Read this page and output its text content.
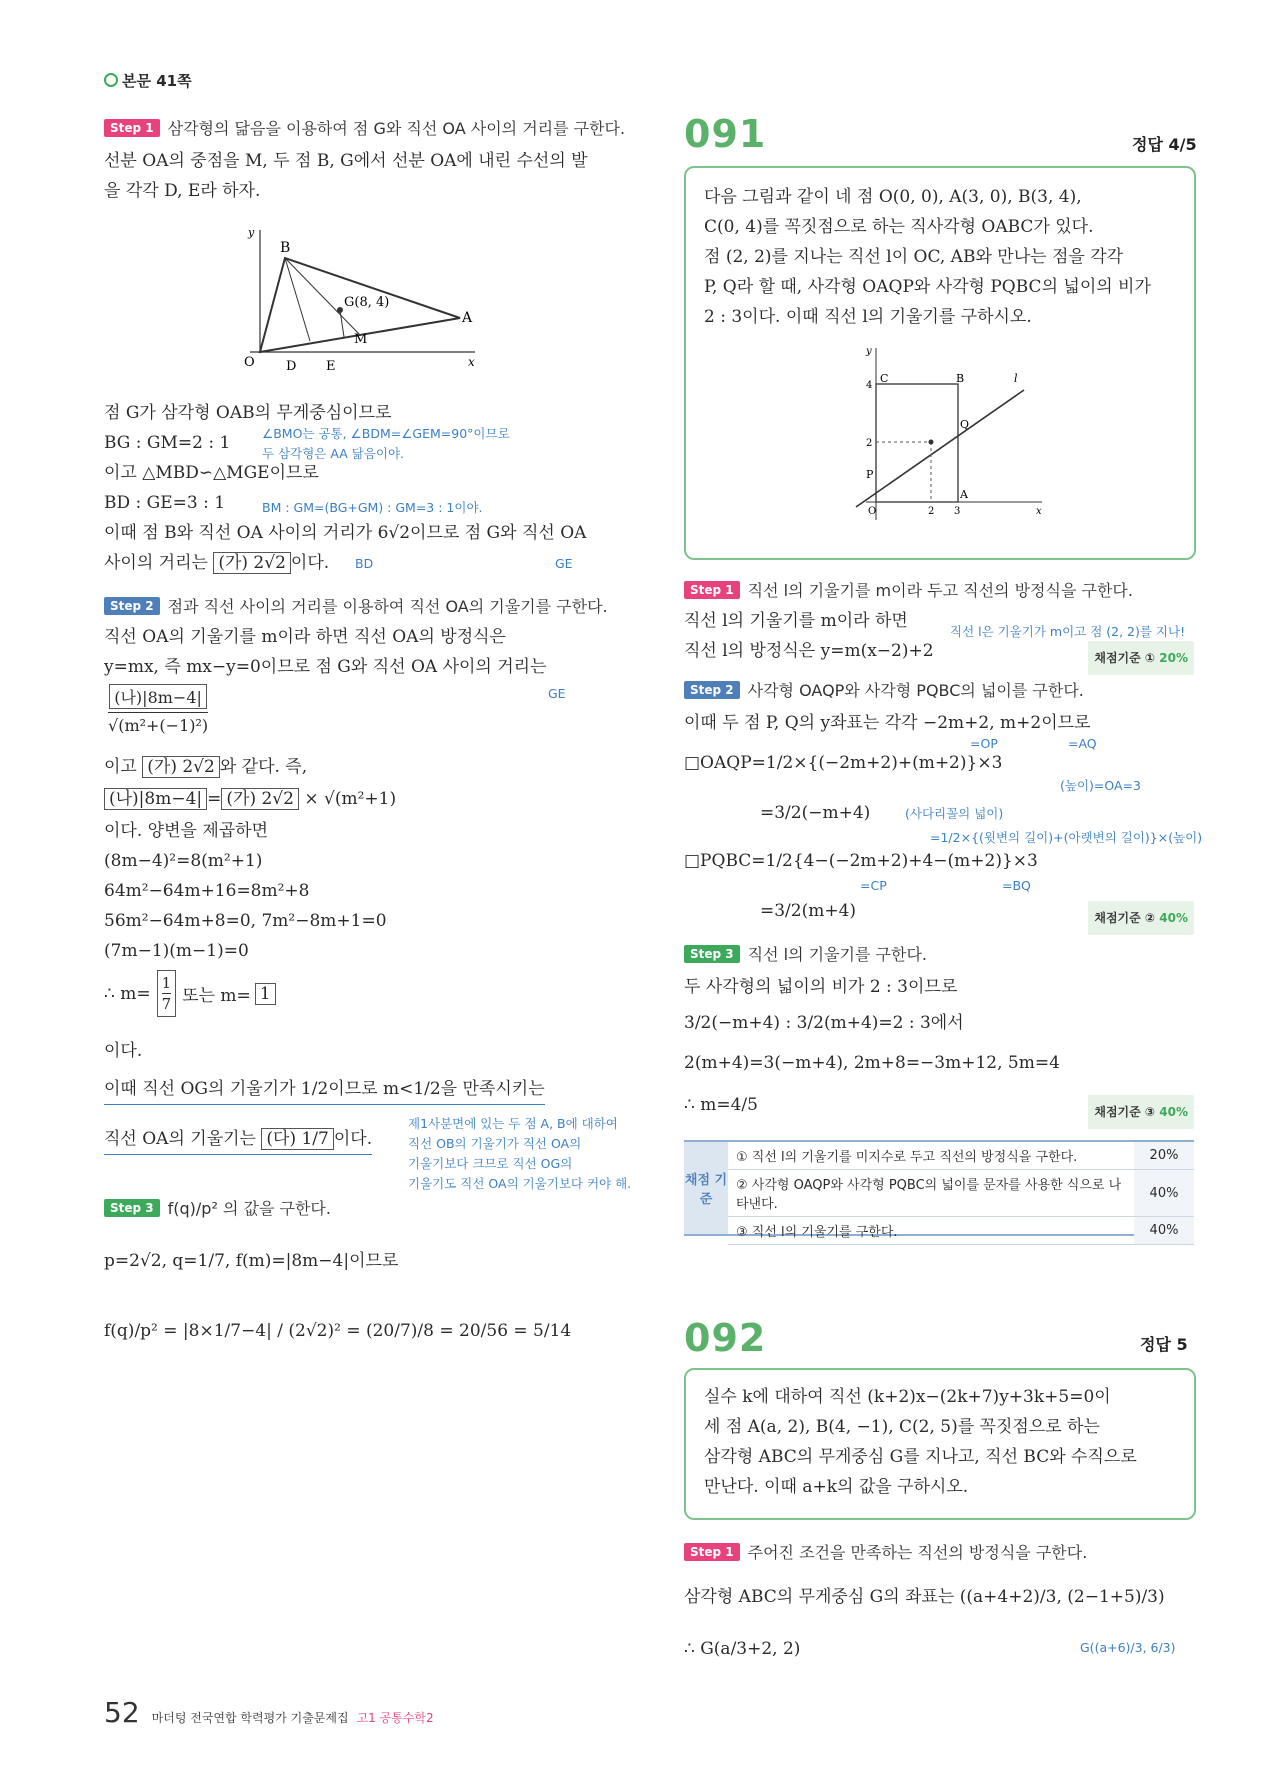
본문 41쪽
Step 1 삼각형의 닮음을 이용하여 점 G와 직선 OA 사이의 거리를 구한다.
선분 OA의 중점을 M, 두 점 B, G에서 선분 OA에 내린 수선의 발
을 각각 D, E라 하자.
y
B
A
G(8, 4)
M
O D E	x
점 G가 삼각형 OAB의 무게중심이므로
BG : GM=2 : 1	∠BMO는 공통, ∠BDM=∠GEM=90°이므로
두 삼각형은 AA 닮음이야.
이고 △MBD∽△MGE이므로
BD : GE=3 : 1	BM : GM=(BG+GM) : GM=3 : 1이야.
이때 점 B와 직선 OA 사이의 거리가 6√2이므로 점 G와 직선 OA
사이의 거리는 (가) 2√2 이다. BD	GE
Step 2 점과 직선 사이의 거리를 이용하여 직선 OA의 기울기를 구한다.
직선 OA의 기울기를 m이라 하면 직선 OA의 방정식은
y=mx, 즉 mx−y=0이므로 점 G와 직선 OA 사이의 거리는
GE
(나)|8m−4|
√(m²+(−1)²)
이고 (가) 2√2 와 같다. 즉,
(나)|8m−4| = (가) 2√2 × √(m²+1)
이다. 양변을 제곱하면
(8m−4)²=8(m²+1)
64m²−64m+16=8m²+8
56m²−64m+8=0, 7m²−8m+1=0
(7m−1)(m−1)=0
∴ $m= \frac{1}{7}$ 또는 m= 1
이다.
이때 직선 OG의 기울기가 1/2이므로 m<1/2을 만족시키는
직선 OA의 기울기는 (다) 1/7 이다.
제1사분면에 있는 두 점 A, B에 대하여
직선 OB의 기울기가 직선 OA의
기울기보다 크므로 직선 OG의
기울기도 직선 OA의 기울기보다 커야 해.
Step 3 f(q)/p² 의 값을 구한다.
p=2√2, q=1/7, f(m)=|8m−4|이므로
f(q)/p² = |8×1/7−4| / (2√2)² = (20/7)/8 = 20/56 = 5/14
091	정답 4/5
다음 그림과 같이 네 점 O(0, 0), A(3, 0), B(3, 4),
C(0, 4)를 꼭짓점으로 하는 직사각형 OABC가 있다.
점 (2, 2)를 지나는 직선 l이 OC, AB와 만나는 점을 각각
P, Q라 할 때, 사각형 OAQP와 사각형 PQBC의 넓이의 비가
2 : 3이다. 이때 직선 l의 기울기를 구하시오.
y
C	B
A
P
Q
l
O
4
2
2 3	x
Step 1 직선 l의 기울기를 m이라 두고 직선의 방정식을 구한다.
직선 l의 기울기를 m이라 하면
직선 l은 기울기가 m이고 점 (2, 2)를 지나!
직선 l의 방정식은 y=m(x−2)+2	채점기준 ① 20%
Step 2 사각형 OAQP와 사각형 PQBC의 넓이를 구한다.
이때 두 점 P, Q의 y좌표는 각각 −2m+2, m+2이므로
=OP	=AQ
□OAQP=1/2×{(−2m+2)+(m+2)}×3
(높이)=OA=3
=3/2(−m+4)	(사다리꼴의 넓이)
=1/2×{(윗변의 길이)+(아랫변의 길이)}×(높이)
□PQBC=1/2{4−(−2m+2)+4−(m+2)}×3
=CP	=BQ
=3/2(m+4)	채점기준 ② 40%
Step 3 직선 l의 기울기를 구한다.
두 사각형의 넓이의 비가 2 : 3이므로
3/2(−m+4) : 3/2(m+4)=2 : 3에서
2(m+4)=3(−m+4), 2m+8=−3m+12, 5m=4
∴ m=4/5	채점기준 ③ 40%
채점 기준
① 직선 l의 기울기를 미지수로 두고 직선의 방정식을 구한다.	20%
② 사각형 OAQP와 사각형 PQBC의 넓이를 문자를 사용한 식으로 나타낸다.	40%
③ 직선 l의 기울기를 구한다.	40%
092	정답 5
실수 k에 대하여 직선 (k+2)x−(2k+7)y+3k+5=0이
세 점 A(a, 2), B(4, −1), C(2, 5)를 꼭짓점으로 하는
삼각형 ABC의 무게중심 G를 지나고, 직선 BC와 수직으로
만난다. 이때 a+k의 값을 구하시오.
Step 1 주어진 조건을 만족하는 직선의 방정식을 구한다.
삼각형 ABC의 무게중심 G의 좌표는 ((a+4+2)/3, (2−1+5)/3)
∴ G(a/3+2, 2)	G((a+6)/3, 6/3)
52 마더텅 전국연합 학력평가 기출문제집 고1 공통수학2
